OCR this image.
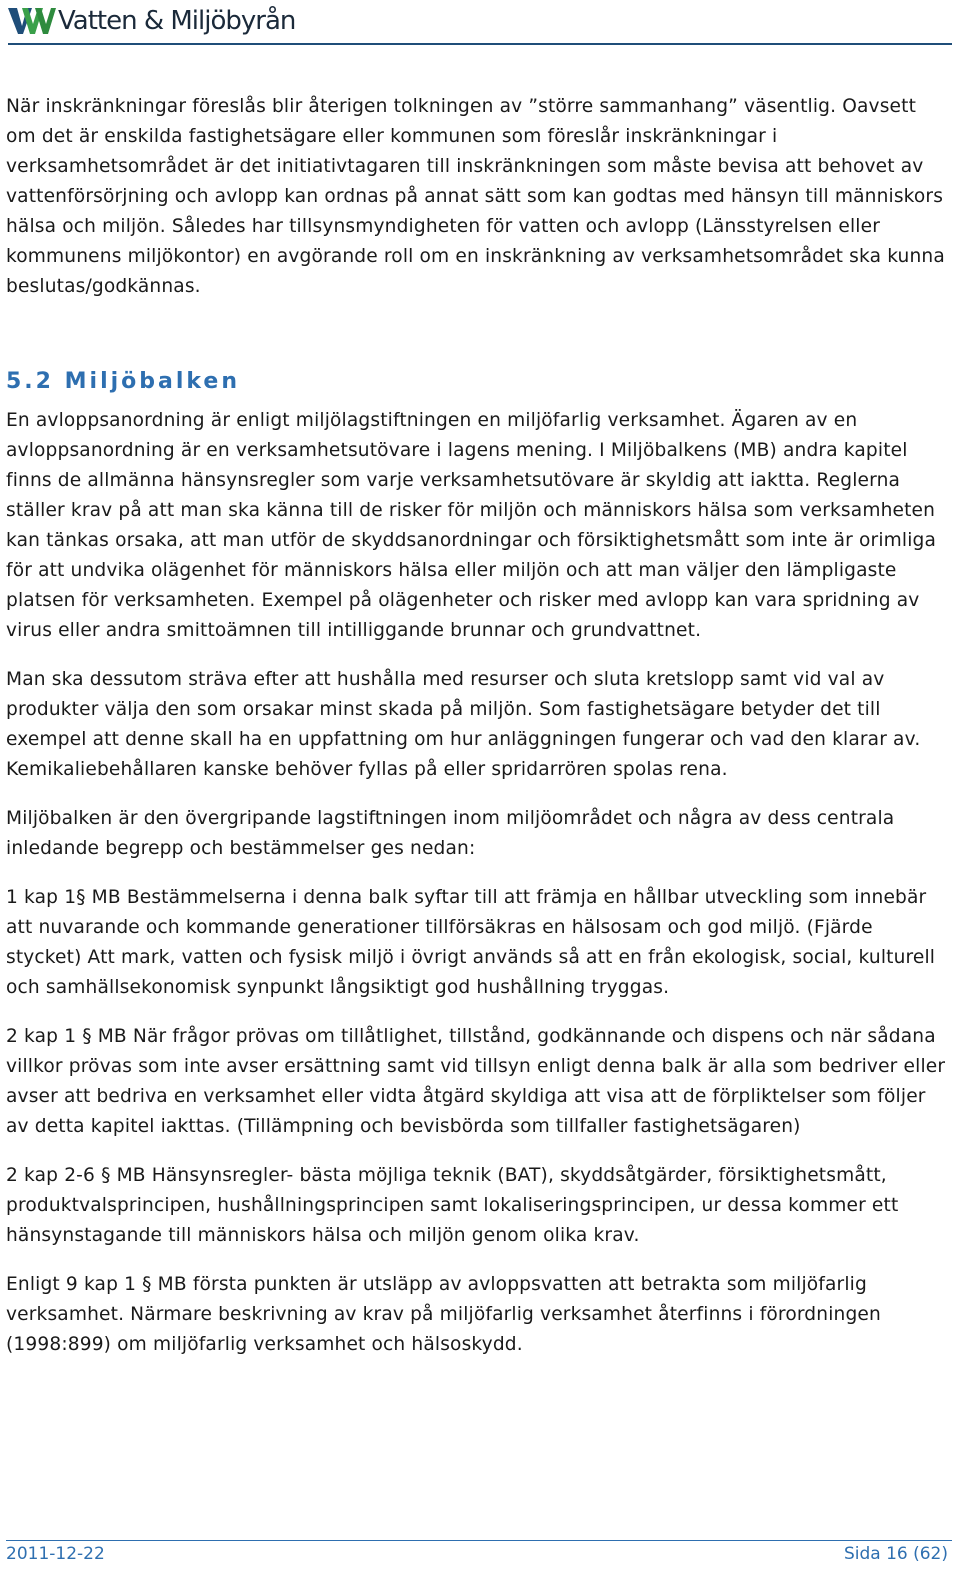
Vatten & Miljöbyrån

När inskränkningar föreslås blir återigen tolkningen av ”större sammanhang” väsentlig. Oavsett om det är enskilda fastighetsägare eller kommunen som föreslår inskränkningar i verksamhetsområdet är det initiativtagaren till inskränkningen som måste bevisa att behovet av vattenförsörjning och avlopp kan ordnas på annat sätt som kan godtas med hänsyn till människors hälsa och miljön. Således har tillsynsmyndigheten för vatten och avlopp (Länsstyrelsen eller kommunens miljökontor) en avgörande roll om en inskränkning av verksamhetsområdet ska kunna beslutas/godkännas.

5.2 Miljöbalken

En avloppsanordning är enligt miljölagstiftningen en miljöfarlig verksamhet. Ägaren av en avloppsanordning är en verksamhetsutövare i lagens mening. I Miljöbalkens (MB) andra kapitel finns de allmänna hänsynsregler som varje verksamhetsutövare är skyldig att iaktta. Reglerna ställer krav på att man ska känna till de risker för miljön och människors hälsa som verksamheten kan tänkas orsaka, att man utför de skyddsanordningar och försiktighetsmått som inte är orimliga för att undvika olägenhet för människors hälsa eller miljön och att man väljer den lämpligaste platsen för verksamheten. Exempel på olägenheter och risker med avlopp kan vara spridning av virus eller andra smittoämnen till intilliggande brunnar och grundvattnet.

Man ska dessutom sträva efter att hushålla med resurser och sluta kretslopp samt vid val av produkter välja den som orsakar minst skada på miljön. Som fastighetsägare betyder det till exempel att denne skall ha en uppfattning om hur anläggningen fungerar och vad den klarar av. Kemikaliebehållaren kanske behöver fyllas på eller spridarrören spolas rena.

Miljöbalken är den övergripande lagstiftningen inom miljöområdet och några av dess centrala inledande begrepp och bestämmelser ges nedan:

1 kap 1§ MB Bestämmelserna i denna balk syftar till att främja en hållbar utveckling som innebär att nuvarande och kommande generationer tillförsäkras en hälsosam och god miljö. (Fjärde stycket) Att mark, vatten och fysisk miljö i övrigt används så att en från ekologisk, social, kulturell och samhällsekonomisk synpunkt långsiktigt god hushållning tryggas.

2 kap 1 § MB När frågor prövas om tillåtlighet, tillstånd, godkännande och dispens och när sådana villkor prövas som inte avser ersättning samt vid tillsyn enligt denna balk är alla som bedriver eller avser att bedriva en verksamhet eller vidta åtgärd skyldiga att visa att de förpliktelser som följer av detta kapitel iakttas. (Tillämpning och bevisbörda som tillfaller fastighetsägaren)

2 kap 2-6 § MB Hänsynsregler- bästa möjliga teknik (BAT), skyddsåtgärder, försiktighetsmått, produktvalsprincipen, hushållningsprincipen samt lokaliseringsprincipen, ur dessa kommer ett hänsynstagande till människors hälsa och miljön genom olika krav.

Enligt 9 kap 1 § MB första punkten är utsläpp av avloppsvatten att betrakta som miljöfarlig verksamhet. Närmare beskrivning av krav på miljöfarlig verksamhet återfinns i förordningen (1998:899) om miljöfarlig verksamhet och hälsoskydd.

2011-12-22	Sida 16 (62)
